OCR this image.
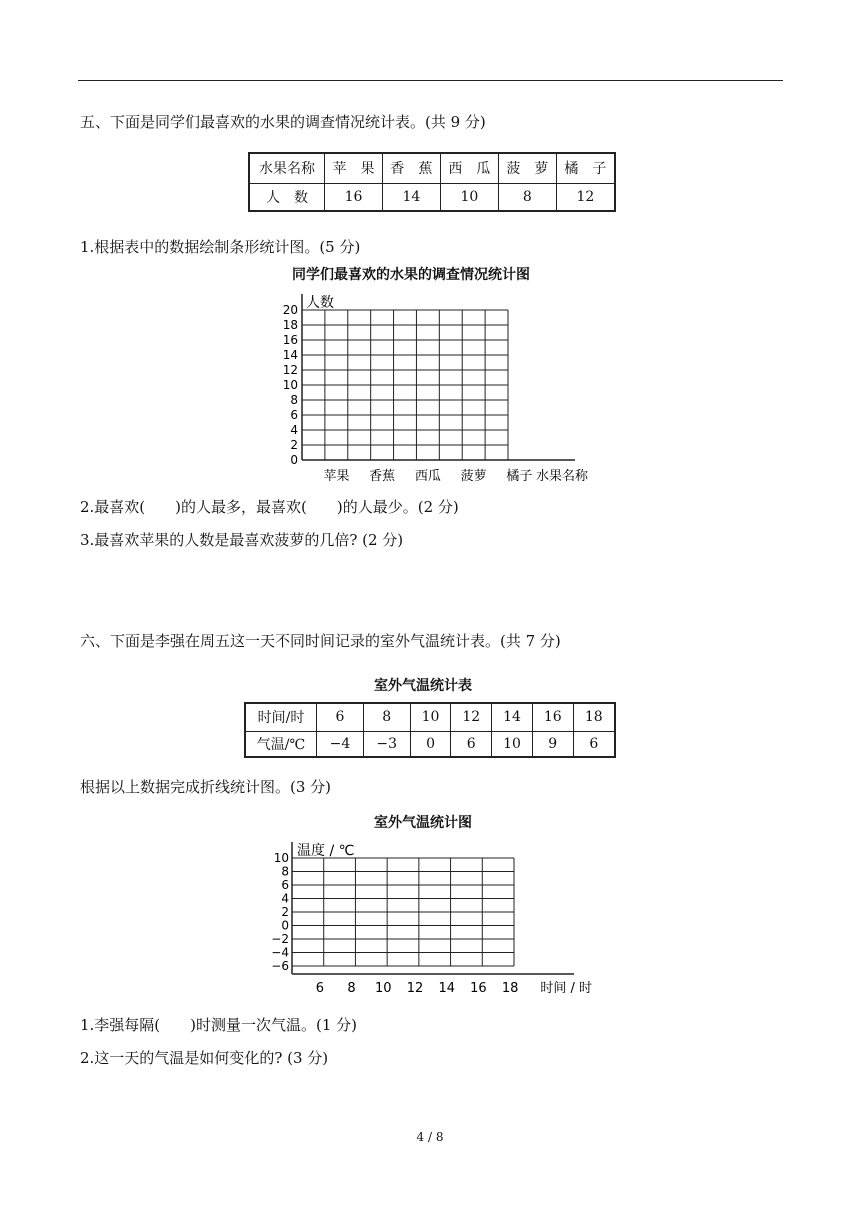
五、下面是同学们最喜欢的水果的调查情况统计表。(共 9 分)
水果名称	苹　果	香　蕉	西　瓜	菠　萝	橘　子
人　数	16	14	10	8	12
1.根据表中的数据绘制条形统计图。(5 分)
同学们最喜欢的水果的调查情况统计图
0
2
4
6
8
10
12
14
16
18
20 人数
苹果 香蕉 西瓜 菠萝 橘子 水果名称
2.最喜欢(　　)的人最多，最喜欢(　　)的人最少。(2 分)
3.最喜欢苹果的人数是最喜欢菠萝的几倍? (2 分)
六、下面是李强在周五这一天不同时间记录的室外气温统计表。(共 7 分)
室外气温统计表
时间/时	6	8	10	12	14	16	18
气温/℃	−4	−3	0	6	10	9	6
根据以上数据完成折线统计图。(3 分)
室外气温统计图
−6
−4
−2
0
2
4
6
8
10 温度 / ℃
6 8 10 12 14 16 18 时间 / 时
1.李强每隔(　　)时测量一次气温。(1 分)
2.这一天的气温是如何变化的? (3 分)
4 / 8
